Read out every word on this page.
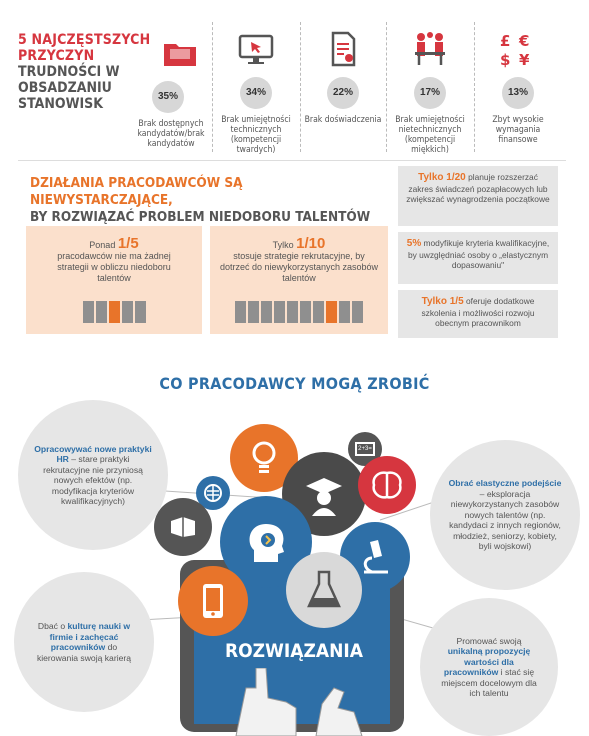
5 NAJCZĘSTSZYCH PRZYCZYN
TRUDNOŚCI W OBSADZANIU STANOWISK	35%
Brak dostępnych kandydatów/brak kandydatów
34%
Brak umiejętności technicznych (kompetencji twardych)
22%
Brak doświadczenia
17%
Brak umiejętności nietechnicznych (kompetencji miękkich)
£ €
$ ¥
13%
Zbyt wysokie wymagania finansowe
DZIAŁANIA PRACODAWCÓW SĄ NIEWYSTARCZAJĄCE,
BY ROZWIĄZAĆ PROBLEM NIEDOBORU TALENTÓW
Ponad 1/5
pracodawców nie ma żadnej strategii w obliczu niedoboru talentów
Tylko 1/10
stosuje strategie rekrutacyjne, by dotrzeć do niewykorzystanych zasobów talentów
Tylko 1/20 planuje rozszerzać zakres świadczeń pozapłacowych lub zwiększać wynagrodzenia początkowe
5% modyfikuje kryteria kwalifikacyjne, by uwzględniać osoby o „elastycznym dopasowaniu"
Tylko 1/5 oferuje dodatkowe szkolenia i możliwości rozwoju obecnym pracownikom
CO PRACODAWCY MOGĄ ZROBIĆ
Opracowywać nowe praktyki HR – stare praktyki rekrutacyjne nie przyniosą nowych efektów (np. modyfikacja kryteriów kwalifikacyjnych)
Dbać o kulturę nauki w firmie i zachęcać pracowników do kierowania swoją karierą
Obrać elastyczne podejście – eksploracja niewykorzystanych zasobów nowych talentów (np. kandydaci z innych regionów, młodzież, seniorzy, kobiety, byli wojskowi)
Promować swoją unikalną propozycję wartości dla pracowników i stać się miejscem docelowym dla ich talentu
ROZWIĄZANIA
2+3=
